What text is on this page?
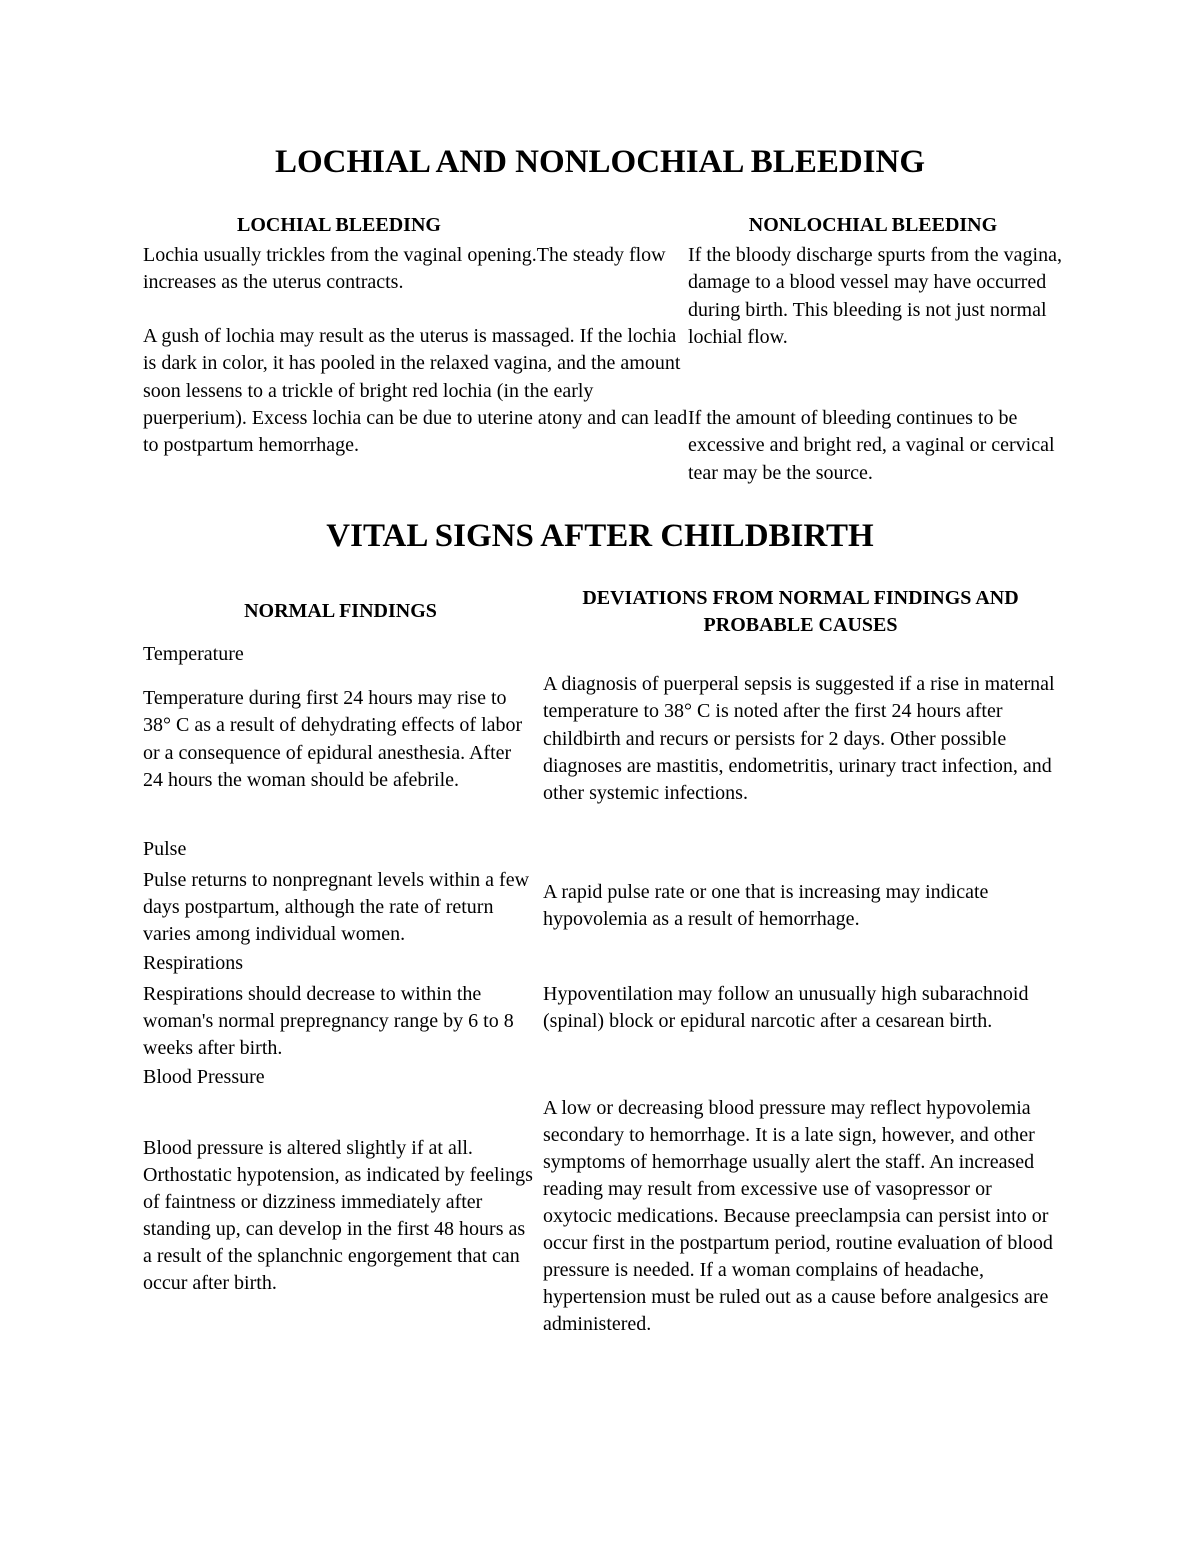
LOCHIAL AND NONLOCHIAL BLEEDING
LOCHIAL BLEEDING	NONLOCHIAL BLEEDING

Lochia usually trickles from the vaginal opening.The steady flow increases as the uterus contracts.

A gush of lochia may result as the uterus is massaged. If the lochia is dark in color, it has pooled in the relaxed vagina, and the amount soon lessens to a trickle of bright red lochia (in the early puerperium). Excess lochia can be due to uterine atony and can lead to postpartum hemorrhage.

If the bloody discharge spurts from the vagina, damage to a blood vessel may have occurred during birth. This bleeding is not just normal lochial flow.

If the amount of bleeding continues to be excessive and bright red, a vaginal or cervical tear may be the source.

VITAL SIGNS AFTER CHILDBIRTH
NORMAL FINDINGS
DEVIATIONS FROM NORMAL FINDINGS AND PROBABLE CAUSES
Temperature

Temperature during first 24 hours may rise to 38° C as a result of dehydrating effects of labor or a consequence of epidural anesthesia. After 24 hours the woman should be afebrile.

A diagnosis of puerperal sepsis is suggested if a rise in maternal temperature to 38° C is noted after the first 24 hours after childbirth and recurs or persists for 2 days. Other possible diagnoses are mastitis, endometritis, urinary tract infection, and other systemic infections.

Pulse

Pulse returns to nonpregnant levels within a few days postpartum, although the rate of return varies among individual women.

A rapid pulse rate or one that is increasing may indicate hypovolemia as a result of hemorrhage.

Respirations

Respirations should decrease to within the woman's normal prepregnancy range by 6 to 8 weeks after birth.

Hypoventilation may follow an unusually high subarachnoid (spinal) block or epidural narcotic after a cesarean birth.

Blood Pressure

Blood pressure is altered slightly if at all. Orthostatic hypotension, as indicated by feelings of faintness or dizziness immediately after standing up, can develop in the first 48 hours as a result of the splanchnic engorgement that can occur after birth.

A low or decreasing blood pressure may reflect hypovolemia secondary to hemorrhage. It is a late sign, however, and other symptoms of hemorrhage usually alert the staff. An increased reading may result from excessive use of vasopressor or oxytocic medications. Because preeclampsia can persist into or occur first in the postpartum period, routine evaluation of blood pressure is needed. If a woman complains of headache, hypertension must be ruled out as a cause before analgesics are administered.
